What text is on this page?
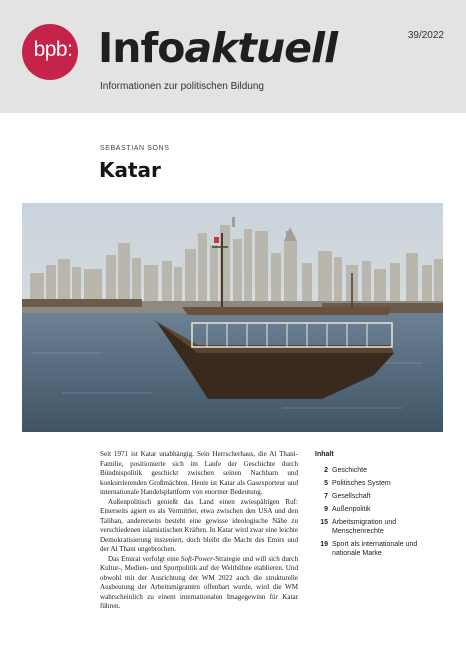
bpb:
39/2022
Infoaktuell
Informationen zur politischen Bildung
SEBASTIAN SONS
Katar

Seit 1971 ist Katar unabhängig. Sein Herrscherhaus, die Al Thani-Familie, positionierte sich im Laufe der Geschichte durch Bündnispolitik geschickt zwischen seinen Nachbarn und konkurrierenden Großmächten. Heute ist Katar als Gasexporteur und internationale Handelsplattform von enormer Bedeutung.

Außenpolitisch genießt das Land einen zwiespältigen Ruf: Einerseits agiert es als Vermittler, etwa zwischen den USA und den Taliban, andererseits besteht eine gewisse ideologische Nähe zu verschiedenen islamistischen Kräften. In Katar wird zwar eine leichte Demokratisierung inszeniert, doch bleibt die Macht des Emirs und der Al Thani ungebrochen.

Das Emirat verfolgt eine Soft-Power-Strategie und will sich durch Kultur-, Medien- und Sportpolitik auf der Weltbühne etablieren. Und obwohl mit der Ausrichtung der WM 2022 auch die strukturelle Ausbeutung der Arbeitsmigranten offenbart wurde, wird die WM wahrscheinlich zu einem internationalen Imagegewinn für Katar führen.

Inhalt
2 Geschichte
5 Politisches System
7 Gesellschaft
9 Außenpolitik
15 Arbeitsmigration und Menschenrechte
19 Sport als internationale und nationale Marke
